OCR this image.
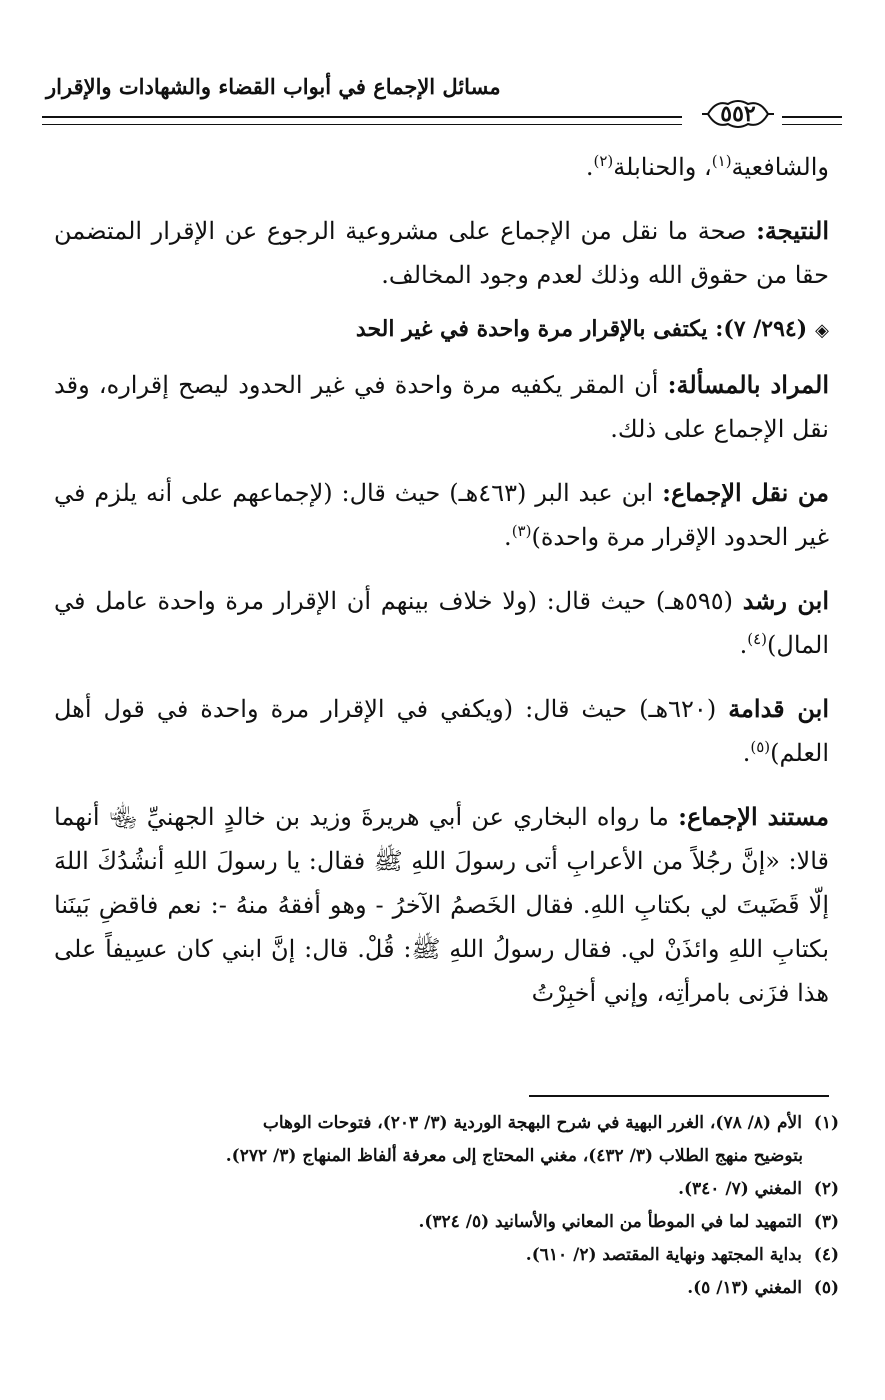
مسائل الإجماع في أبواب القضاء والشهادات والإقرار
٥٥٢

والشافعية$^{(١)}$، والحنابلة$^{(٢)}$.

النتيجة: صحة ما نقل من الإجماع على مشروعية الرجوع عن الإقرار المتضمن حقا من حقوق الله وذلك لعدم وجود المخالف.

◈(٢٩٤/ ٧): يكتفى بالإقرار مرة واحدة في غير الحد

المراد بالمسألة: أن المقر يكفيه مرة واحدة في غير الحدود ليصح إقراره، وقد نقل الإجماع على ذلك.

من نقل الإجماع: ابن عبد البر (٤٦٣هـ) حيث قال: (لإجماعهم على أنه يلزم في غير الحدود الإقرار مرة واحدة)$^{(٣)}$.

ابن رشد (٥٩٥هـ) حيث قال: (ولا خلاف بينهم أن الإقرار مرة واحدة عامل في المال)$^{(٤)}$.

ابن قدامة (٦٢٠هـ) حيث قال: (ويكفي في الإقرار مرة واحدة في قول أهل العلم)$^{(٥)}$.

مستند الإجماع: ما رواه البخاري عن أبي هريرةَ وزيد بن خالدٍ الجهنيِّ ﵄ أنهما قالا: «إنَّ رجُلاً من الأعرابِ أتى رسولَ اللهِ ﷺ فقال: يا رسولَ اللهِ أنشُدُكَ اللهَ إلّا قَضَيتَ لي بكتابِ اللهِ. فقال الخَصمُ الآخرُ - وهو أفقهُ منهُ -: نعم فاقضِ بَينَنا بكتابِ اللهِ وائذَنْ لي. فقال رسولُ اللهِ ﷺ: قُلْ. قال: إنَّ ابني كان عسِيفاً على هذا فزَنى بامرأتِه، وإني أخبِرْتُ

(١)  الأم (٨/ ٧٨)، الغرر البهية في شرح البهجة الوردية (٣/ ٢٠٣)، فتوحات الوهاب

بتوضيح منهج الطلاب (٣/ ٤٣٢)، مغني المحتاج إلى معرفة ألفاظ المنهاج (٣/ ٢٧٢).

(٢)  المغني (٧/ ٣٤٠).

(٣)  التمهيد لما في الموطأ من المعاني والأسانيد (٥/ ٣٢٤).

(٤)  بداية المجتهد ونهاية المقتصد (٢/ ٦١٠).

(٥)  المغني (١٣/ ٥).
